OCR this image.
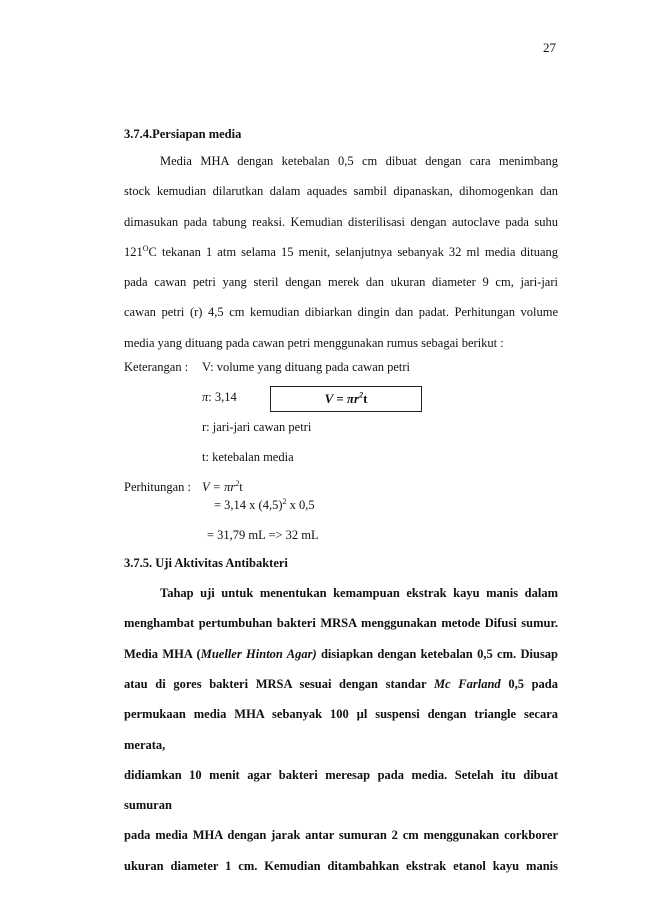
27
3.7.4.Persiapan media
Media MHA dengan ketebalan 0,5 cm dibuat dengan cara menimbang
stock kemudian dilarutkan dalam aquades sambil dipanaskan, dihomogenkan dan
dimasukan pada tabung reaksi. Kemudian disterilisasi dengan autoclave pada suhu
$121^OC$ tekanan 1 atm selama 15 menit, selanjutnya sebanyak 32 ml media dituang
pada cawan petri yang steril dengan merek dan ukuran diameter 9 cm, jari-jari
cawan petri (r) 4,5 cm kemudian dibiarkan dingin dan padat. Perhitungan volume
media yang dituang pada cawan petri menggunakan rumus sebagai berikut :
Keterangan :	V: volume yang dituang pada cawan petri
π: 3,14
r: jari-jari cawan petri
t: ketebalan media
Perhitungan : $V = \pi r^2t$
= 3,14 x $(4,5)^2$ x 0,5
= 31,79 mL => 32 mL
$V = \pi r^2t$
3.7.5. Uji Aktivitas Antibakteri
Tahap uji untuk menentukan kemampuan ekstrak kayu manis dalam
menghambat pertumbuhan bakteri MRSA menggunakan metode Difusi sumur.
Media MHA (Mueller Hinton Agar) disiapkan dengan ketebalan 0,5 cm. Diusap
atau di gores bakteri MRSA sesuai dengan standar Mc Farland 0,5 pada
permukaan media MHA sebanyak 100 µl suspensi dengan triangle secara merata,
didiamkan 10 menit agar bakteri meresap pada media. Setelah itu dibuat sumuran
pada media MHA dengan jarak antar sumuran 2 cm menggunakan corkborer
ukuran diameter 1 cm. Kemudian ditambahkan ekstrak etanol kayu manis
